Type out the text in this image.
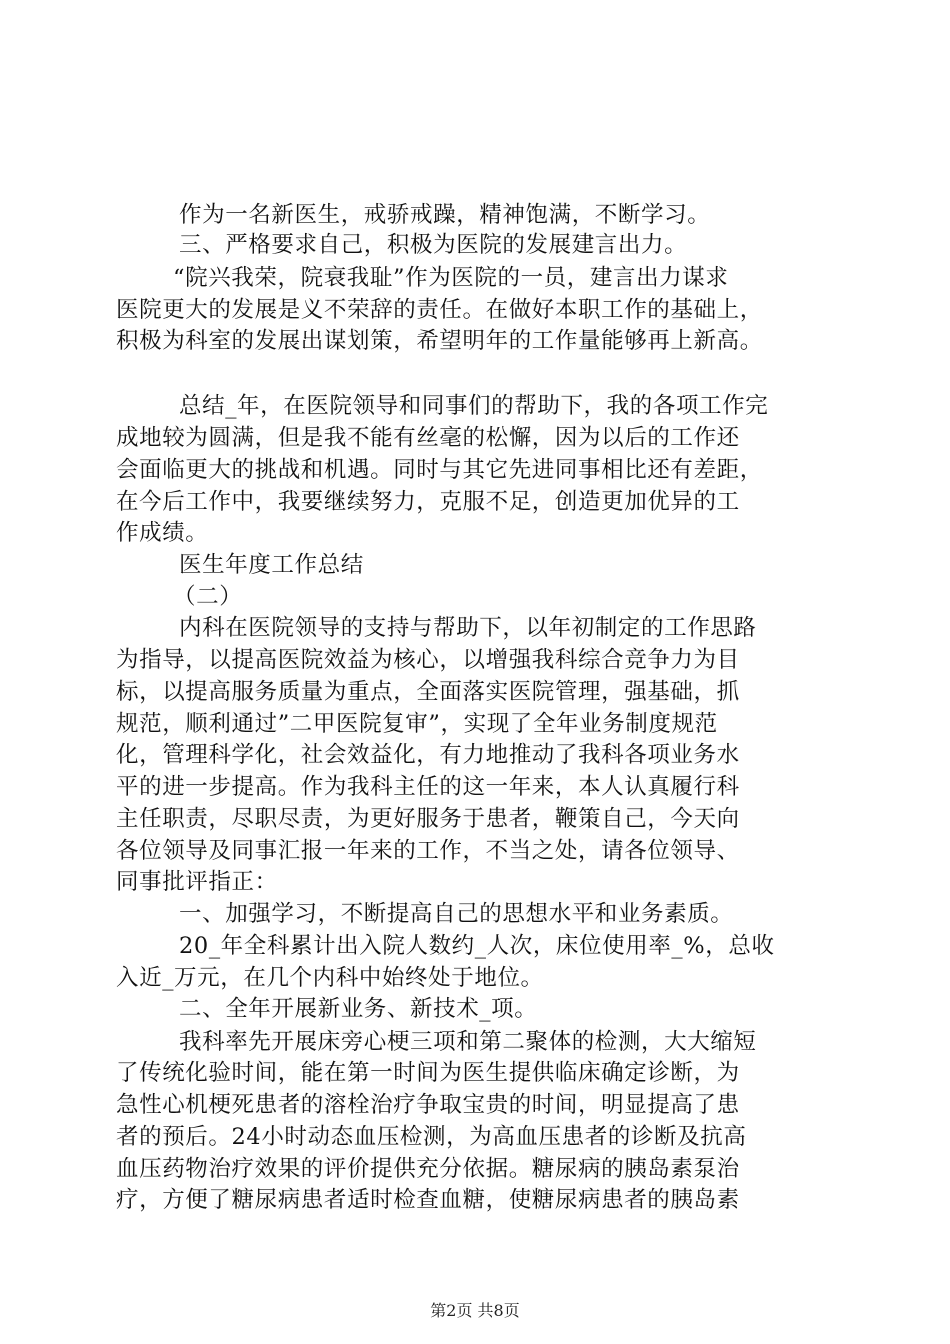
作为一名新医生，戒骄戒躁，精神饱满，不断学习。

三、严格要求自己，积极为医院的发展建言出力。

“院兴我荣，院衰我耻”作为医院的一员，建言出力谋求

医院更大的发展是义不荣辞的责任。在做好本职工作的基础上，

积极为科室的发展出谋划策，希望明年的工作量能够再上新高。

总结_年，在医院领导和同事们的帮助下，我的各项工作完

成地较为圆满，但是我不能有丝毫的松懈，因为以后的工作还

会面临更大的挑战和机遇。同时与其它先进同事相比还有差距，

在今后工作中，我要继续努力，克服不足，创造更加优异的工

作成绩。

医生年度工作总结

（二）

内科在医院领导的支持与帮助下，以年初制定的工作思路

为指导，以提高医院效益为核心，以增强我科综合竞争力为目

标，以提高服务质量为重点，全面落实医院管理，强基础，抓

规范，顺利通过”二甲医院复审”，实现了全年业务制度规范

化，管理科学化，社会效益化，有力地推动了我科各项业务水

平的进一步提高。作为我科主任的这一年来，本人认真履行科

主任职责，尽职尽责，为更好服务于患者，鞭策自己，今天向

各位领导及同事汇报一年来的工作，不当之处，请各位领导、

同事批评指正：

一、加强学习，不断提高自己的思想水平和业务素质。

20_年全科累计出入院人数约_人次，床位使用率_%，总收

入近_万元，在几个内科中始终处于地位。

二、全年开展新业务、新技术_项。

我科率先开展床旁心梗三项和第二聚体的检测，大大缩短

了传统化验时间，能在第一时间为医生提供临床确定诊断，为

急性心机梗死患者的溶栓治疗争取宝贵的时间，明显提高了患

者的预后。24小时动态血压检测，为高血压患者的诊断及抗高

血压药物治疗效果的评价提供充分依据。糖尿病的胰岛素泵治

疗，方便了糖尿病患者适时检查血糖，使糖尿病患者的胰岛素

第2页 共8页
